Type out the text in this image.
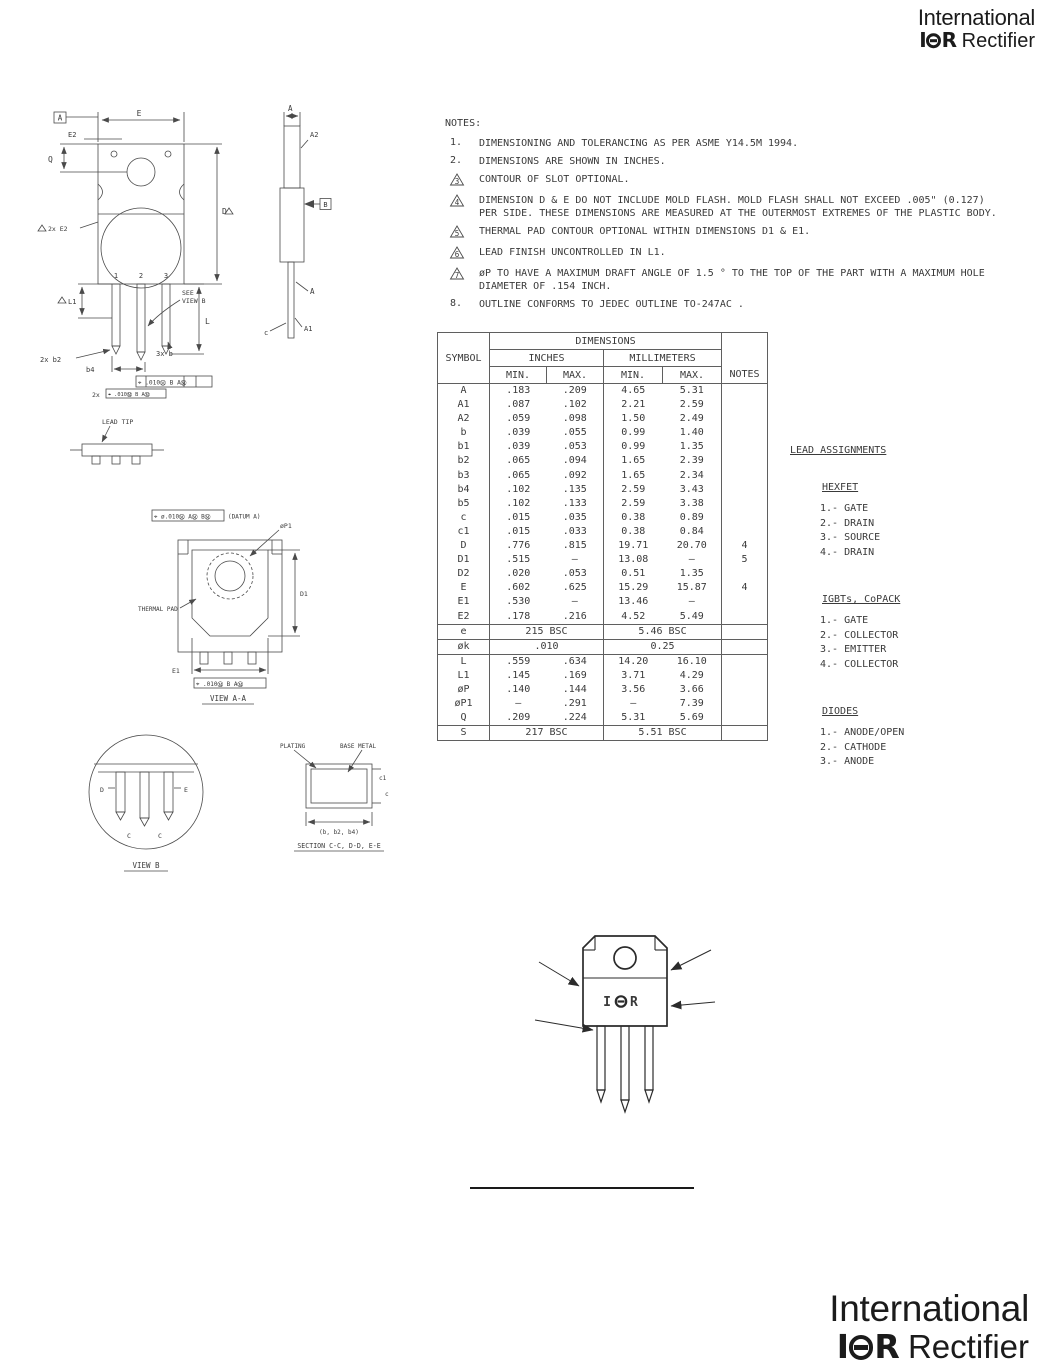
International
I R Rectifier
A	E
E2
Q
1	2	3
2x E2
L1
L
D
SEE
VIEW B
2x b2
3x b
b4
⌖ .010Ⓜ B AⓂ
2x ⌖ .010Ⓜ B AⓂ
A
A2
B
A
A1
c
LEAD TIP
⌖ ø.010Ⓜ AⓂ BⓂ	(DATUM A)
øP1
THERMAL PAD
D1
E1
⌖ .010Ⓜ B AⓂ
VIEW A-A
D	E
C	C
VIEW B
PLATING	BASE METAL
c1
c
(b, b2, b4)
SECTION C-C, D-D, E-E
NOTES:
1.	DIMENSIONING AND TOLERANCING AS PER ASME Y14.5M 1994.
2.	DIMENSIONS ARE SHOWN IN INCHES.
3 CONTOUR OF SLOT OPTIONAL.
4 DIMENSION D & E DO NOT INCLUDE MOLD FLASH. MOLD FLASH SHALL NOT EXCEED .005" (0.127) PER SIDE. THESE DIMENSIONS ARE MEASURED AT THE OUTERMOST EXTREMES OF THE PLASTIC BODY.
5 THERMAL PAD CONTOUR OPTIONAL WITHIN DIMENSIONS D1 & E1.
6 LEAD FINISH UNCONTROLLED IN L1.
7 øP TO HAVE A MAXIMUM DRAFT ANGLE OF 1.5 ° TO THE TOP OF THE PART WITH A MAXIMUM HOLE DIAMETER OF .154 INCH.
8.	OUTLINE CONFORMS TO JEDEC OUTLINE TO-247AC .
SYMBOL	DIMENSIONS				NOTES
	INCHES		MILLIMETERS		
	MIN.	MAX.	MIN.	MAX.	
A	.183	.209	4.65	5.31	
A1	.087	.102	2.21	2.59	
A2	.059	.098	1.50	2.49	
b	.039	.055	0.99	1.40	
b1	.039	.053	0.99	1.35	
b2	.065	.094	1.65	2.39	
b3	.065	.092	1.65	2.34	
b4	.102	.135	2.59	3.43	
b5	.102	.133	2.59	3.38	
c	.015	.035	0.38	0.89	
c1	.015	.033	0.38	0.84	
D	.776	.815	19.71	20.70	4
D1	.515	–	13.08	–	5
D2	.020	.053	0.51	1.35	
E	.602	.625	15.29	15.87	4
E1	.530	–	13.46	–	
E2	.178	.216	4.52	5.49	
e	215 BSC		5.46 BSC		
øk	.010		0.25		
L	.559	.634	14.20	16.10	
L1	.145	.169	3.71	4.29	
øP	.140	.144	3.56	3.66	
øP1	–	.291	–	7.39	
Q	.209	.224	5.31	5.69	
S	217 BSC		5.51 BSC		
LEAD ASSIGNMENTS
HEXFET
1.- GATE
2.- DRAIN
3.- SOURCE
4.- DRAIN
IGBTs, CoPACK
1.- GATE
2.- COLLECTOR
3.- EMITTER
4.- COLLECTOR
DIODES
1.- ANODE/OPEN
2.- CATHODE
3.- ANODE
I R
International
I R Rectifier
